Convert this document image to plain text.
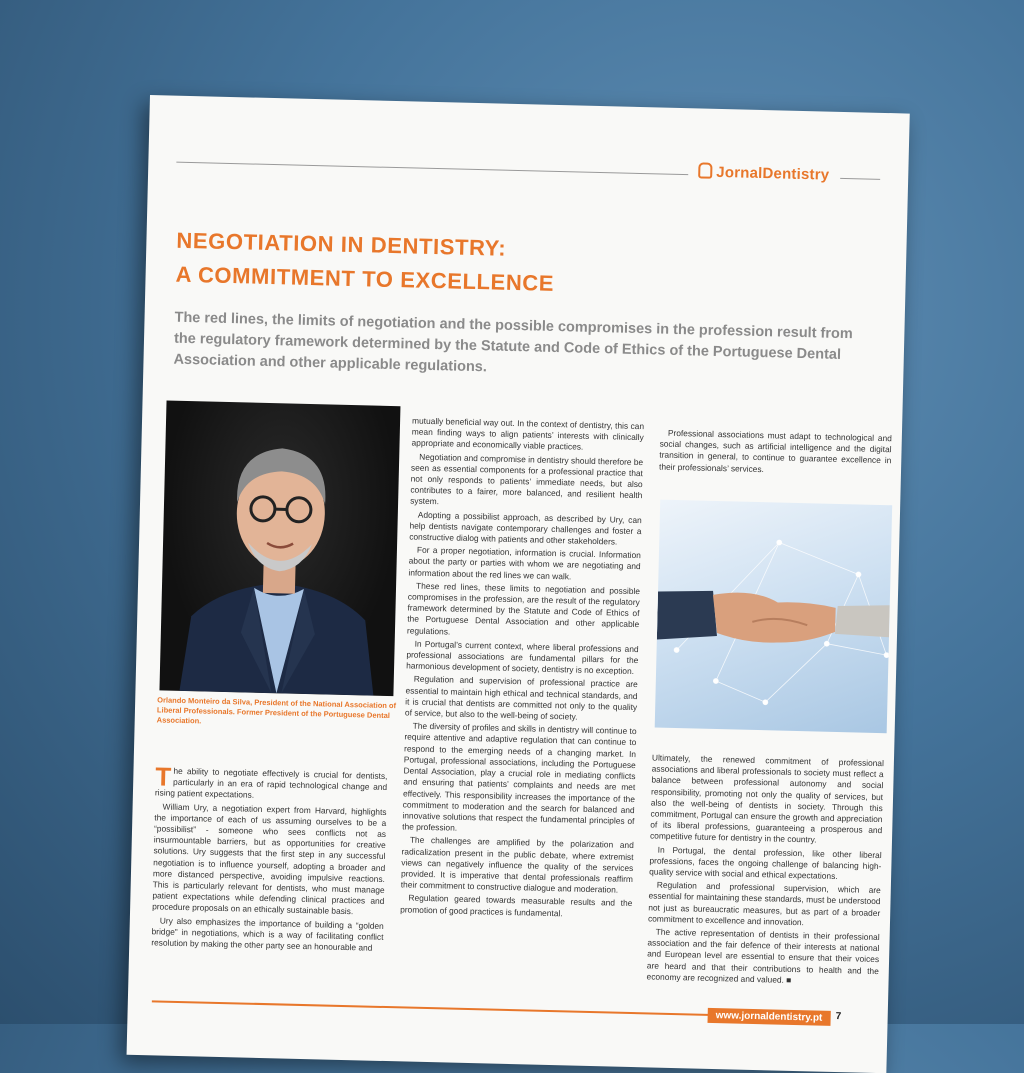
JornalDentistry
NEGOTIATION IN DENTISTRY:
A COMMITMENT TO EXCELLENCE
The red lines, the limits of negotiation and the possible compromises in the profession result from the regulatory framework determined by the Statute and Code of Ethics of the Portuguese Dental Association and other applicable regulations.
Orlando Monteiro da Silva, President of the National Association of Liberal Professionals. Former President of the Portuguese Dental Association.

The ability to negotiate effectively is crucial for dentists, particularly in an era of rapid technological change and rising patient expectations.

William Ury, a negotiation expert from Harvard, highlights the importance of each of us assuming ourselves to be a “possibilist” - someone who sees conflicts not as insurmountable barriers, but as opportunities for creative solutions. Ury suggests that the first step in any successful negotiation is to influence yourself, adopting a broader and more distanced perspective, avoiding impulsive reactions. This is particularly relevant for dentists, who must manage patient expectations while defending clinical practices and procedure proposals on an ethically sustainable basis.

Ury also emphasizes the importance of building a “golden bridge” in negotiations, which is a way of facilitating conflict resolution by making the other party see an honourable and

mutually beneficial way out. In the context of dentistry, this can mean finding ways to align patients’ interests with clinically appropriate and economically viable practices.

Negotiation and compromise in dentistry should therefore be seen as essential components for a professional practice that not only responds to patients’ immediate needs, but also contributes to a fairer, more balanced, and resilient health system.

Adopting a possibilist approach, as described by Ury, can help dentists navigate contemporary challenges and foster a constructive dialog with patients and other stakeholders.

For a proper negotiation, information is crucial. Information about the party or parties with whom we are negotiating and information about the red lines we can walk.

These red lines, these limits to negotiation and possible compromises in the profession, are the result of the regulatory framework determined by the Statute and Code of Ethics of the Portuguese Dental Association and other applicable regulations.

In Portugal’s current context, where liberal professions and professional associations are fundamental pillars for the harmonious development of society, dentistry is no exception.

Regulation and supervision of professional practice are essential to maintain high ethical and technical standards, and it is crucial that dentists are committed not only to the quality of service, but also to the well-being of society.

The diversity of profiles and skills in dentistry will continue to require attentive and adaptive regulation that can continue to respond to the emerging needs of a changing market. In Portugal, professional associations, including the Portuguese Dental Association, play a crucial role in mediating conflicts and ensuring that patients’ complaints and needs are met effectively. This responsibility increases the importance of the commitment to moderation and the search for balanced and innovative solutions that respect the fundamental principles of the profession.

The challenges are amplified by the polarization and radicalization present in the public debate, where extremist views can negatively influence the quality of the services provided. It is imperative that dental professionals reaffirm their commitment to constructive dialogue and moderation.

Regulation geared towards measurable results and the promotion of good practices is fundamental.

Professional associations must adapt to technological and social changes, such as artificial intelligence and the digital transition in general, to continue to guarantee excellence in their professionals’ services.

Ultimately, the renewed commitment of professional associations and liberal professionals to society must reflect a balance between professional autonomy and social responsibility, promoting not only the quality of services, but also the well-being of dentists in society. Through this commitment, Portugal can ensure the growth and appreciation of its liberal professions, guaranteeing a prosperous and competitive future for dentistry in the country.

In Portugal, the dental profession, like other liberal professions, faces the ongoing challenge of balancing high-quality service with social and ethical expectations.

Regulation and professional supervision, which are essential for maintaining these standards, must be understood not just as bureaucratic measures, but as part of a broader commitment to excellence and innovation.

The active representation of dentists in their professional association and the fair defence of their interests at national and European level are essential to ensure that their voices are heard and that their contributions to health and the economy are recognized and valued. ■

www.jornaldentistry.pt	7
